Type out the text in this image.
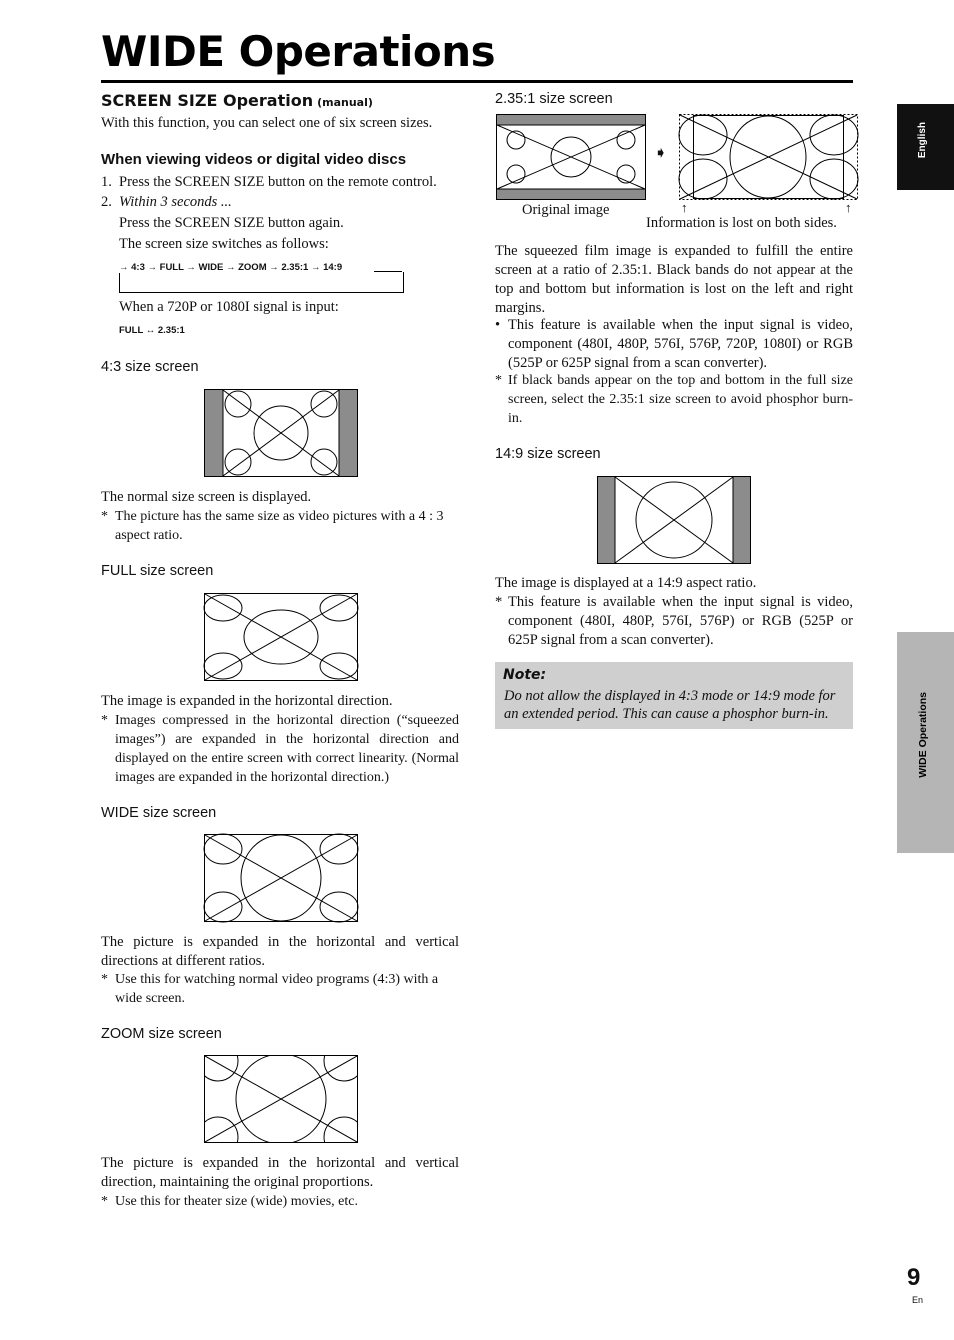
WIDE Operations
English
WIDE Operations
SCREEN SIZE Operation (manual)
With this function, you can select one of six screen sizes.
When viewing videos or digital video discs
1. Press the SCREEN SIZE button on the remote control.
2. Within 3 seconds ...
Press the SCREEN SIZE button again.
The screen size switches as follows:
→ 4:3 → FULL → WIDE → ZOOM → 2.35:1 → 14:9
When a 720P or 1080I signal is input:
FULL ↔ 2.35:1
4:3 size screen
The normal size screen is displayed.
* The picture has the same size as video pictures with a 4 : 3 aspect ratio.
FULL size screen
The image is expanded in the horizontal direction.
* Images compressed in the horizontal direction (“squeezed images”) are expanded in the horizontal direction and displayed on the entire screen with correct linearity. (Normal images are expanded in the horizontal direction.)
WIDE size screen
The picture is expanded in the horizontal and vertical directions at different ratios.
* Use this for watching normal video programs (4:3) with a wide screen.
ZOOM size screen
The picture is expanded in the horizontal and vertical direction, maintaining the original proportions.
* Use this for theater size (wide) movies, etc.
2.35:1 size screen
➧
Original image	↑	↑
Information is lost on both sides.
The squeezed film image is expanded to fulfill the entire screen at a ratio of 2.35:1. Black bands do not appear at the top and bottom but information is lost on the left and right margins.
• This feature is available when the input signal is video, component (480I, 480P, 576I, 576P, 720P, 1080I) or RGB (525P or 625P signal from a scan converter).
* If black bands appear on the top and bottom in the full size screen, select the 2.35:1 size screen to avoid phosphor burn-in.
14:9 size screen
The image is displayed at a 14:9 aspect ratio.
* This feature is available when the input signal is video, component (480I, 480P, 576I, 576P) or RGB (525P or 625P signal from a scan converter).
Note:
Do not allow the displayed in 4:3 mode or 14:9 mode for an extended period. This can cause a phosphor burn-in.
9
En
